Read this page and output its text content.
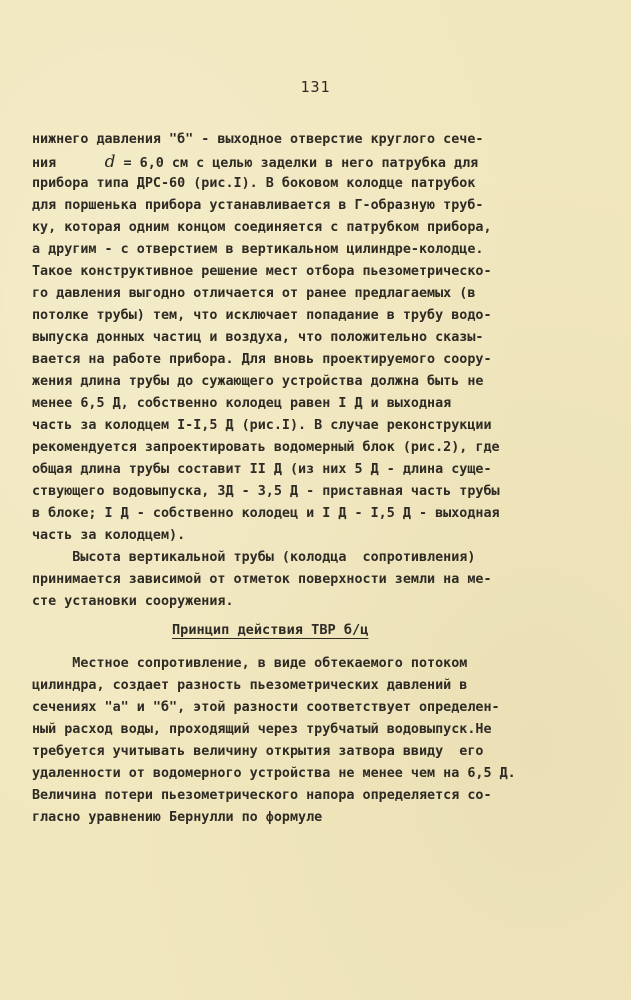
131
нижнего давления "б" - выходное отверстие круглого сече-
ния	d = 6,0 см с целью заделки в него патрубка для
прибора типа ДРС-60 (рис.I). В боковом колодце патрубок
для поршенька прибора устанавливается в Г-образную труб-
ку, которая одним концом соединяется с патрубком прибора,
а другим - с отверстием в вертикальном цилиндре-колодце.
Такое конструктивное решение мест отбора пьезометрическо-
го давления выгодно отличается от ранее предлагаемых (в
потолке трубы) тем, что исключает попадание в трубу водо-
выпуска донных частиц и воздуха, что положительно сказы-
вается на работе прибора. Для вновь проектируемого соору-
жения длина трубы до сужающего устройства должна быть не
менее 6,5 Д, собственно колодец равен I Д и выходная
часть за колодцем I-I,5 Д (рис.I). В случае реконструкции
рекомендуется запроектировать водомерный блок (рис.2), где
общая длина трубы составит II Д (из них 5 Д - длина суще-
ствующего водовыпуска, 3Д - 3,5 Д - приставная часть трубы
в блоке; I Д - собственно колодец и I Д - I,5 Д - выходная
часть за колодцем).
Высота вертикальной трубы (колодца  сопротивления)
принимается зависимой от отметок поверхности земли на ме-
сте установки сооружения.
Принцип действия ТВР б/ц
Местное сопротивление, в виде обтекаемого потоком
цилиндра, создает разность пьезометрических давлений в
сечениях "а" и "б", этой разности соответствует определен-
ный расход воды, проходящий через трубчатый водовыпуск.Не
требуется учитывать величину открытия затвора ввиду  его
удаленности от водомерного устройства не менее чем на 6,5 Д.
Величина потери пьезометрического напора определяется со-
гласно уравнению Бернулли по формуле
